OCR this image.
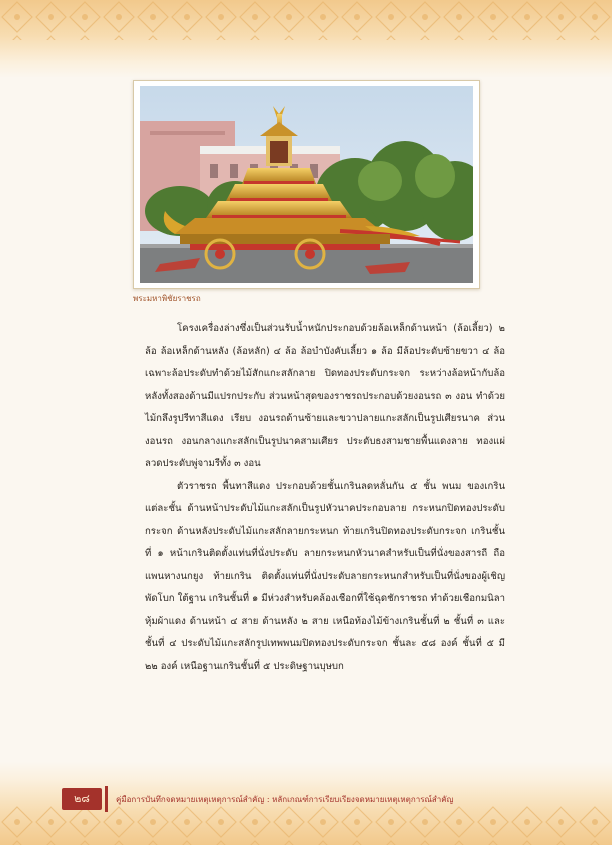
พระมหาพิชัยราชรถ

โครงเครื่องล่างซึ่งเป็นส่วนรับน้ำหนักประกอบด้วยล้อเหล็กด้านหน้า (ล้อเลี้ยว) ๒ ล้อ ล้อเหล็กด้านหลัง (ล้อหลัก) ๔ ล้อ ล้อบำบังคับเลี้ยว ๑ ล้อ มีล้อประดับซ้ายขวา ๔ ล้อ เฉพาะล้อประดับทำด้วยไม้สักแกะสลักลาย ปิดทองประดับกระจก ระหว่างล้อหน้ากับล้อหลังทั้งสองด้านมีแปรกประกับ ส่วนหน้าสุดของราชรถประกอบด้วยงอนรถ ๓ งอน ทำด้วยไม้กลึงรูปรีทาสีแดง เรียบ งอนรถด้านซ้ายและขวาปลายแกะสลักเป็นรูปเศียรนาค ส่วนงอนรถ งอนกลางแกะสลักเป็นรูปนาคสามเศียร ประดับธงสามชายพื้นแดงลาย ทองแผ่ลวดประดับพู่จามรีทั้ง ๓ งอน

ตัวราชรถ พื้นทาสีแดง ประกอบด้วยชั้นเกรินลดหลั่นกัน ๕ ชั้น พนม ของเกรินแต่ละชั้น ด้านหน้าประดับไม้แกะสลักเป็นรูปหัวนาคประกอบลาย กระหนกปิดทองประดับกระจก ด้านหลังประดับไม้แกะสลักลายกระหนก ท้ายเกรินปิดทองประดับกระจก เกรินชั้นที่ ๑ หน้าเกรินติดตั้งแท่นที่นั่งประดับ ลายกระหนกหัวนาคสำหรับเป็นที่นั่งของสารถี ถือแพนหางนกยูง ท้ายเกริน ติดตั้งแท่นที่นั่งประดับลายกระหนกสำหรับเป็นที่นั่งของผู้เชิญพัดโบก ใต้ฐาน เกรินชั้นที่ ๑ มีห่วงสำหรับคล้องเชือกที่ใช้ฉุดชักราชรถ ทำด้วยเชือกมนิลา หุ้มผ้าแดง ด้านหน้า ๔ สาย ด้านหลัง ๒ สาย เหนือท้องไม้ข้างเกรินชั้นที่ ๒ ชั้นที่ ๓ และชั้นที่ ๔ ประดับไม้แกะสลักรูปเทพพนมปิดทองประดับกระจก ชั้นละ ๕๘ องค์ ชั้นที่ ๕ มี ๒๒ องค์ เหนือฐานเกรินชั้นที่ ๕ ประดิษฐานบุษบก

๒๘	คู่มือการบันทึกจดหมายเหตุเหตุการณ์สำคัญ : หลักเกณฑ์การเรียบเรียงจดหมายเหตุเหตุการณ์สำคัญ
